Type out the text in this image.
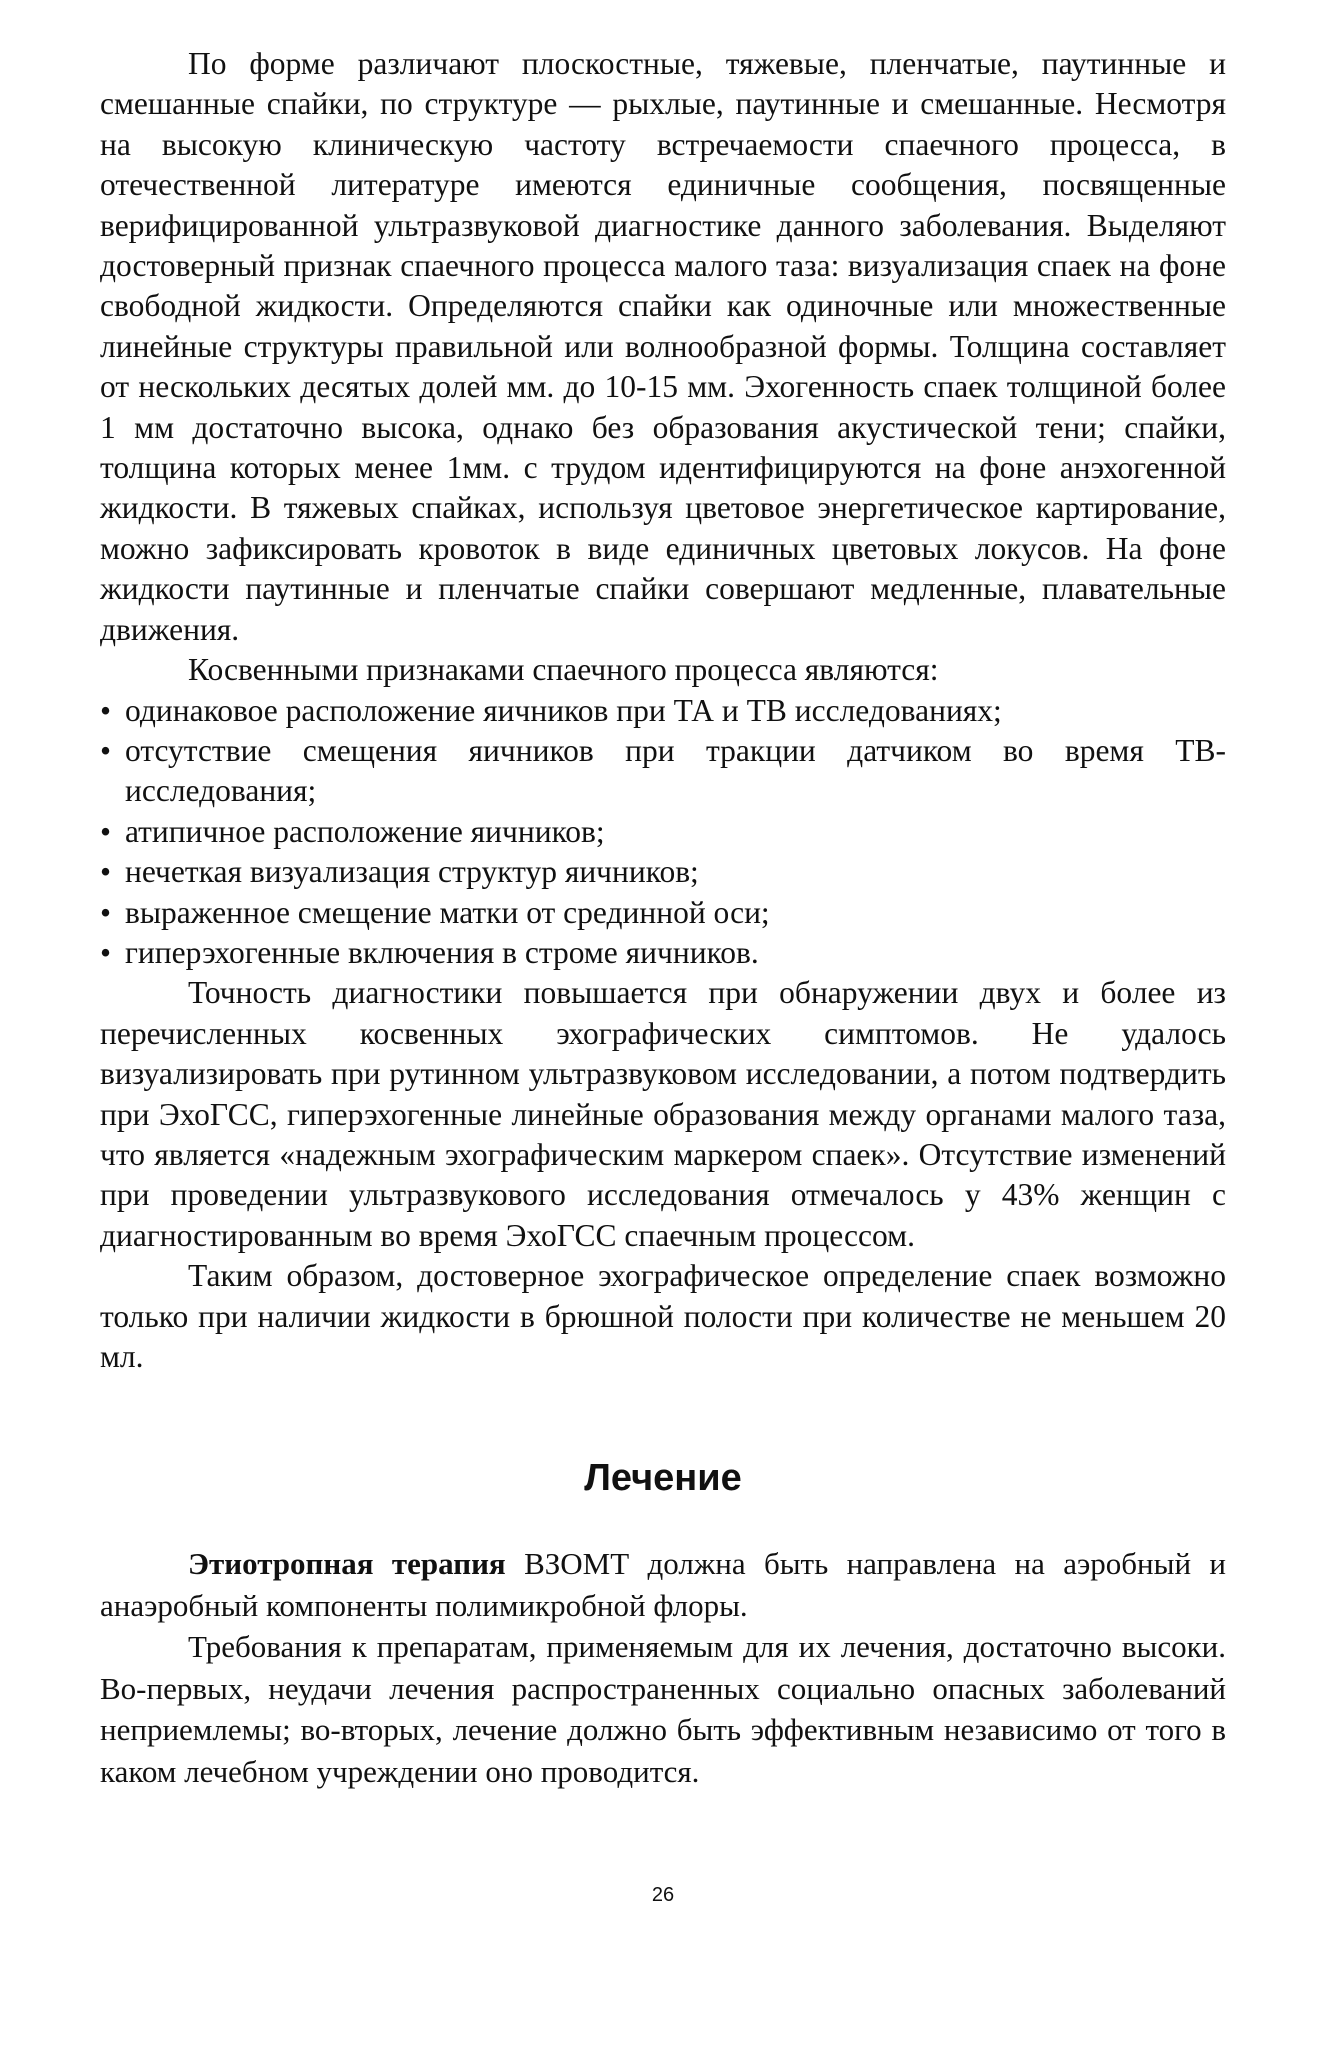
По форме различают плоскостные, тяжевые, пленчатые, паутинные и смешанные спайки, по структуре — рыхлые, паутинные и смешанные. Несмотря на высокую клиническую частоту встречаемости спаечного процесса, в отечественной литературе имеются единичные сообщения, посвященные верифицированной ультразвуковой диагностике данного заболевания. Выделяют достоверный признак спаечного процесса малого таза: визуализация спаек на фоне свободной жидкости. Определяются спайки как одиночные или множественные линейные структуры правильной или волнообразной формы. Толщина составляет от нескольких десятых долей мм. до 10-15 мм. Эхогенность спаек толщиной более 1 мм достаточно высока, однако без образования акустической тени; спайки, толщина которых менее 1мм. с трудом идентифицируются на фоне анэхогенной жидкости. В тяжевых спайках, используя цветовое энергетическое картирование, можно зафиксировать кровоток в виде единичных цветовых локусов. На фоне жидкости паутинные и пленчатые спайки совершают медленные, плавательные движения.

Косвенными признаками спаечного процесса являются:

• одинаковое расположение яичников при ТА и ТВ исследованиях;
• отсутствие смещения яичников при тракции датчиком во время ТВ-исследования;
• атипичное расположение яичников;
• нечеткая визуализация структур яичников;
• выраженное смещение матки от срединной оси;
• гиперэхогенные включения в строме яичников.

Точность диагностики повышается при обнаружении двух и более из перечисленных косвенных эхографических симптомов. Не удалось визуализировать при рутинном ультразвуковом исследовании, а потом подтвердить при ЭхоГСС, гиперэхогенные линейные образования между органами малого таза, что является «надежным эхографическим маркером спаек». Отсутствие изменений при проведении ультразвукового исследования отмечалось у 43% женщин с диагностированным во время ЭхоГСС спаечным процессом.

Таким образом, достоверное эхографическое определение спаек возможно только при наличии жидкости в брюшной полости при количестве не меньшем 20 мл.

Лечение

Этиотропная терапия ВЗОМТ должна быть направлена на аэробный и анаэробный компоненты полимикробной флоры.

Требования к препаратам, применяемым для их лечения, достаточно высоки. Во-первых, неудачи лечения распространенных социально опасных заболеваний неприемлемы; во-вторых, лечение должно быть эффективным независимо от того в каком лечебном учреждении оно проводится.

26
